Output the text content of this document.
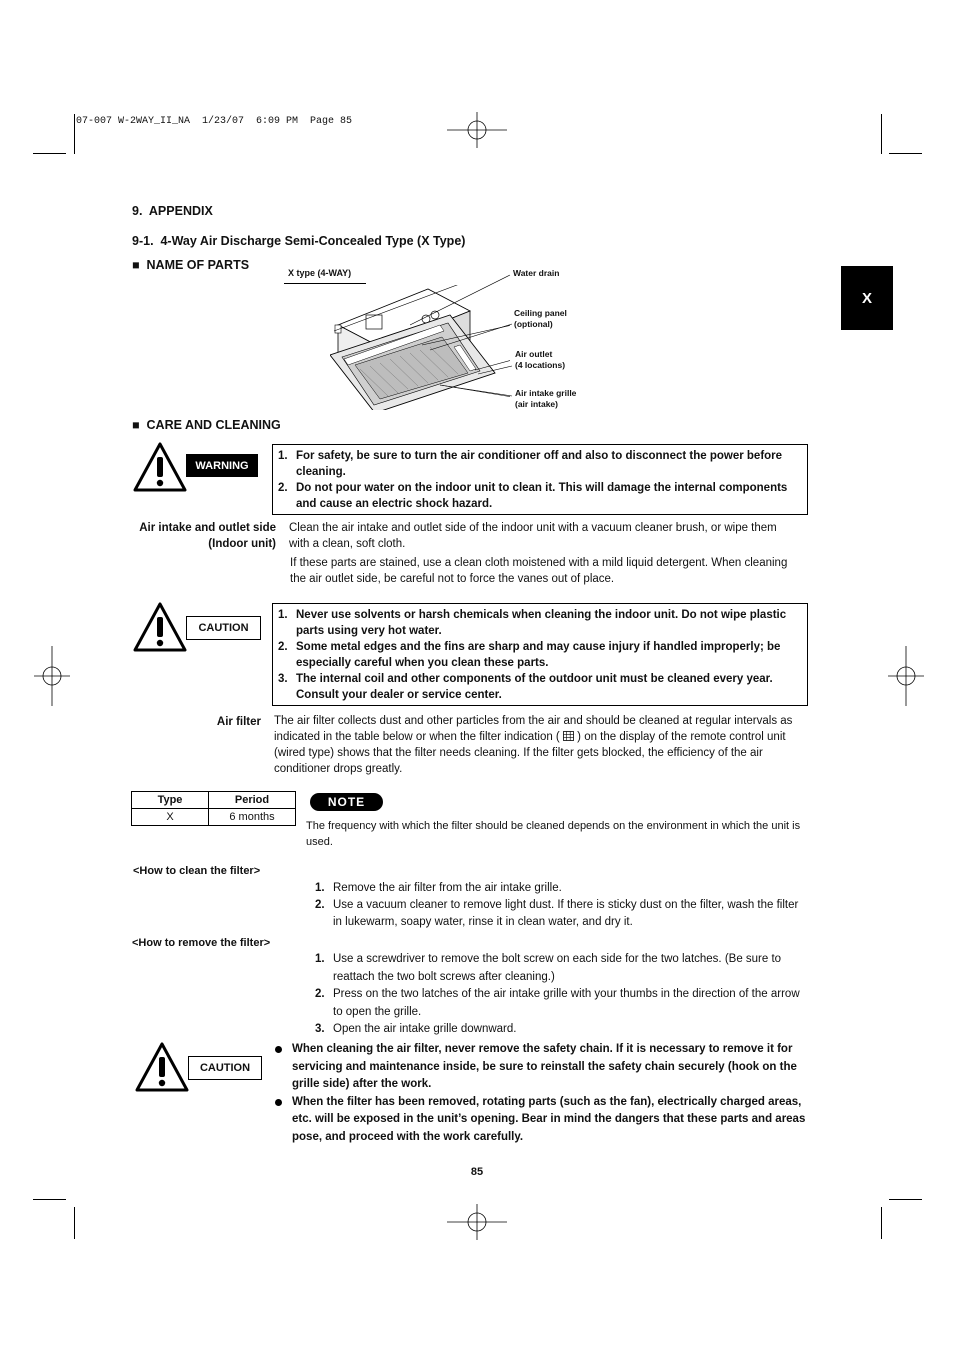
07-007 W-2WAY_II_NA  1/23/07  6:09 PM  Page 85
X
9.  APPENDIX
9-1.  4-Way Air Discharge Semi-Concealed Type (X Type)
■ NAME OF PARTS
X type (4-WAY)	Water drain
Ceiling panel
(optional)
Air outlet
(4 locations)
Air intake grille
(air intake)
■ CARE AND CLEANING
WARNING
1. For safety, be sure to turn the air conditioner off and also to disconnect the power before cleaning.
2. Do not pour water on the indoor unit to clean it. This will damage the internal components and cause an electric shock hazard.
Air intake and outlet side
(Indoor unit)
Clean the air intake and outlet side of the indoor unit with a vacuum cleaner brush, or wipe them with a clean, soft cloth.
If these parts are stained, use a clean cloth moistened with a mild liquid detergent. When cleaning the air outlet side, be careful not to force the vanes out of place.
CAUTION
1. Never use solvents or harsh chemicals when cleaning the indoor unit. Do not wipe plastic parts using very hot water.
2. Some metal edges and the fins are sharp and may cause injury if handled improperly; be especially careful when you clean these parts.
3. The internal coil and other components of the outdoor unit must be cleaned every year. Consult your dealer or service center.
Air filter The air filter collects dust and other particles from the air and should be cleaned at regular intervals as indicated in the table below or when the filter indication ( ) on the display of the remote control unit (wired type) shows that the filter needs cleaning. If the filter gets blocked, the efficiency of the air conditioner drops greatly.
Type	Period
X	6 months
NOTE
The frequency with which the filter should be cleaned depends on the environment in which the unit is used.
<How to clean the filter>
1. Remove the air filter from the air intake grille.
2. Use a vacuum cleaner to remove light dust. If there is sticky dust on the filter, wash the filter in lukewarm, soapy water, rinse it in clean water, and dry it.
<How to remove the filter>
1. Use a screwdriver to remove the bolt screw on each side for the two latches. (Be sure to reattach the two bolt screws after cleaning.)
2. Press on the two latches of the air intake grille with your thumbs in the direction of the arrow to open the grille.
3. Open the air intake grille downward.
CAUTION
When cleaning the air filter, never remove the safety chain. If it is necessary to remove it for servicing and maintenance inside, be sure to reinstall the safety chain securely (hook on the grille side) after the work.
When the filter has been removed, rotating parts (such as the fan), electrically charged areas, etc. will be exposed in the unit’s opening. Bear in mind the dangers that these parts and areas pose, and proceed with the work carefully.
85
